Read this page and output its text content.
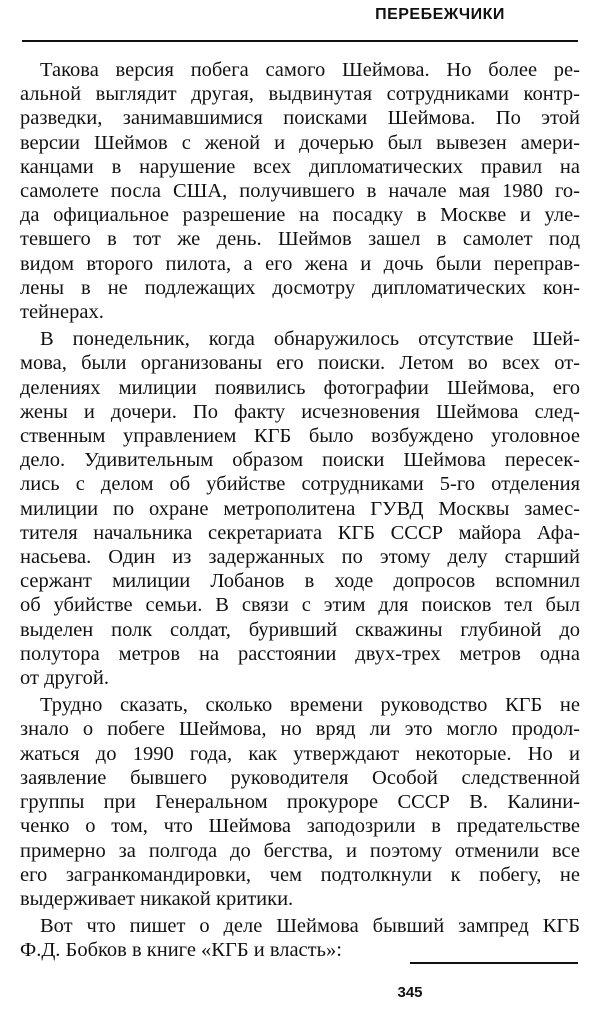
ПЕРЕБЕЖЧИКИ

Такова версия побега самого Шеймова. Но более ре-
альной выглядит другая, выдвинутая сотрудниками контр-
разведки, занимавшимися поисками Шеймова. По этой
версии Шеймов с женой и дочерью был вывезен амери-
канцами в нарушение всех дипломатических правил на
самолете посла США, получившего в начале мая 1980 го-
да официальное разрешение на посадку в Москве и уле-
тевшего в тот же день. Шеймов зашел в самолет под
видом второго пилота, а его жена и дочь были переправ-
лены в не подлежащих досмотру дипломатических кон-
тейнерах.

В понедельник, когда обнаружилось отсутствие Шей-
мова, были организованы его поиски. Летом во всех от-
делениях милиции появились фотографии Шеймова, его
жены и дочери. По факту исчезновения Шеймова след-
ственным управлением КГБ было возбуждено уголовное
дело. Удивительным образом поиски Шеймова пересек-
лись с делом об убийстве сотрудниками 5-го отделения
милиции по охране метрополитена ГУВД Москвы замес-
тителя начальника секретариата КГБ СССР майора Афа-
насьева. Один из задержанных по этому делу старший
сержант милиции Лобанов в ходе допросов вспомнил
об убийстве семьи. В связи с этим для поисков тел был
выделен полк солдат, буривший скважины глубиной до
полутора метров на расстоянии двух-трех метров одна
от другой.

Трудно сказать, сколько времени руководство КГБ не
знало о побеге Шеймова, но вряд ли это могло продол-
жаться до 1990 года, как утверждают некоторые. Но и
заявление бывшего руководителя Особой следственной
группы при Генеральном прокуроре СССР В. Калини-
ченко о том, что Шеймова заподозрили в предательстве
примерно за полгода до бегства, и поэтому отменили все
его загранкомандировки, чем подтолкнули к побегу, не
выдерживает никакой критики.

Вот что пишет о деле Шеймова бывший зампред КГБ
Ф.Д. Бобков в книге «КГБ и власть»:

345
